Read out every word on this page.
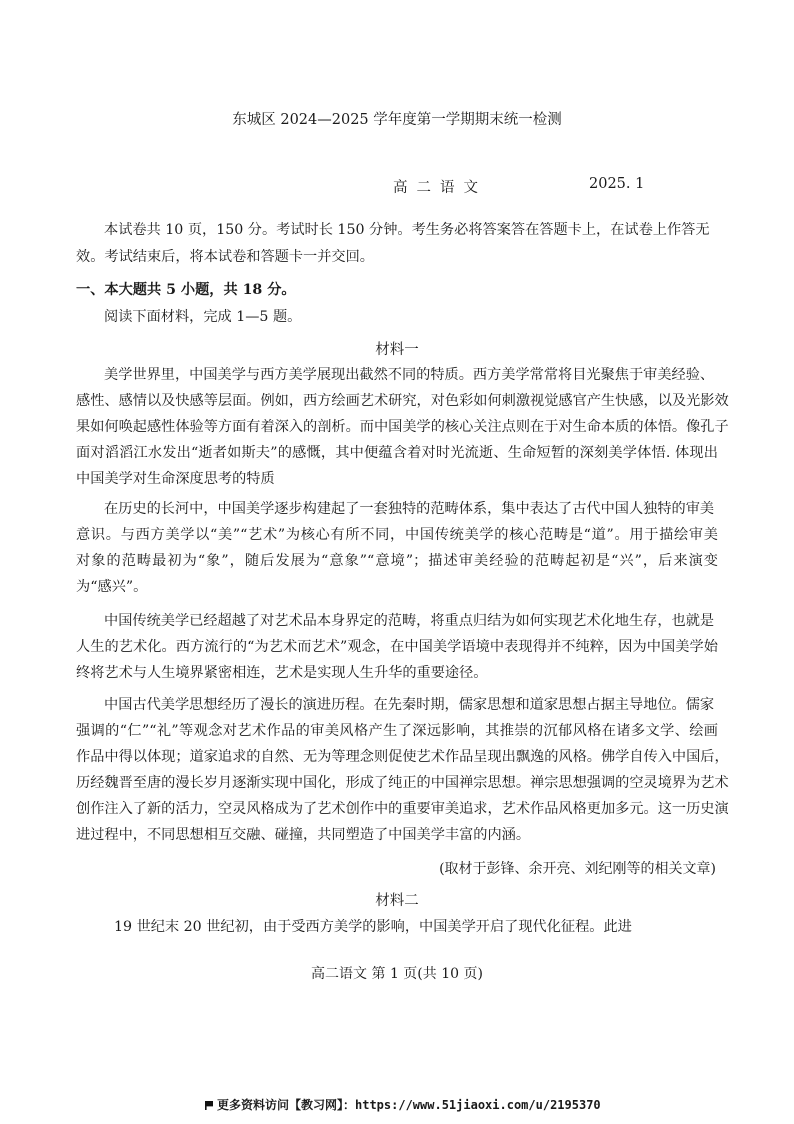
东城区 2024—2025 学年度第一学期期末统一检测
高二语文	2025. 1
本试卷共 10 页，150 分。考试时长 150 分钟。考生务必将答案答在答题卡上，在试卷上作答无
效。考试结束后，将本试卷和答题卡一并交回。
一、本大题共 5 小题，共 18 分。
阅读下面材料，完成 1—5 题。
材料一
美学世界里，中国美学与西方美学展现出截然不同的特质。西方美学常常将目光聚焦于审美经验、
感性、感情以及快感等层面。例如，西方绘画艺术研究，对色彩如何刺激视觉感官产生快感，以及光影效
果如何唤起感性体验等方面有着深入的剖析。而中国美学的核心关注点则在于对生命本质的体悟。像孔子
面对滔滔江水发出“逝者如斯夫”的感慨，其中便蕴含着对时光流逝、生命短暂的深刻美学体悟. 体现出
中国美学对生命深度思考的特质
在历史的长河中，中国美学逐步构建起了一套独特的范畴体系，集中表达了古代中国人独特的审美
意识。与西方美学以“美”“艺术”为核心有所不同，中国传统美学的核心范畴是“道”。用于描绘审美
对象的范畴最初为“象”，随后发展为“意象”“意境”；描述审美经验的范畴起初是“兴”，后来演变
为“感兴”。
中国传统美学已经超越了对艺术品本身界定的范畴，将重点归结为如何实现艺术化地生存，也就是
人生的艺术化。西方流行的“为艺术而艺术”观念，在中国美学语境中表现得并不纯粹，因为中国美学始
终将艺术与人生境界紧密相连，艺术是实现人生升华的重要途径。
中国古代美学思想经历了漫长的演进历程。在先秦时期，儒家思想和道家思想占据主导地位。儒家
强调的“仁”“礼”等观念对艺术作品的审美风格产生了深远影响，其推崇的沉郁风格在诸多文学、绘画
作品中得以体现；道家追求的自然、无为等理念则促使艺术作品呈现出飘逸的风格。佛学自传入中国后，
历经魏晋至唐的漫长岁月逐渐实现中国化，形成了纯正的中国禅宗思想。禅宗思想强调的空灵境界为艺术
创作注入了新的活力，空灵风格成为了艺术创作中的重要审美追求，艺术作品风格更加多元。这一历史演
进过程中，不同思想相互交融、碰撞，共同塑造了中国美学丰富的内涵。
(取材于彭锋、余开亮、刘纪刚等的相关文章)
材料二
19 世纪末 20 世纪初，由于受西方美学的影响，中国美学开启了现代化征程。此进
高二语文 第 1 页(共 10 页)
更多资料访问【教习网】：https://www.51jiaoxi.com/u/2195370
